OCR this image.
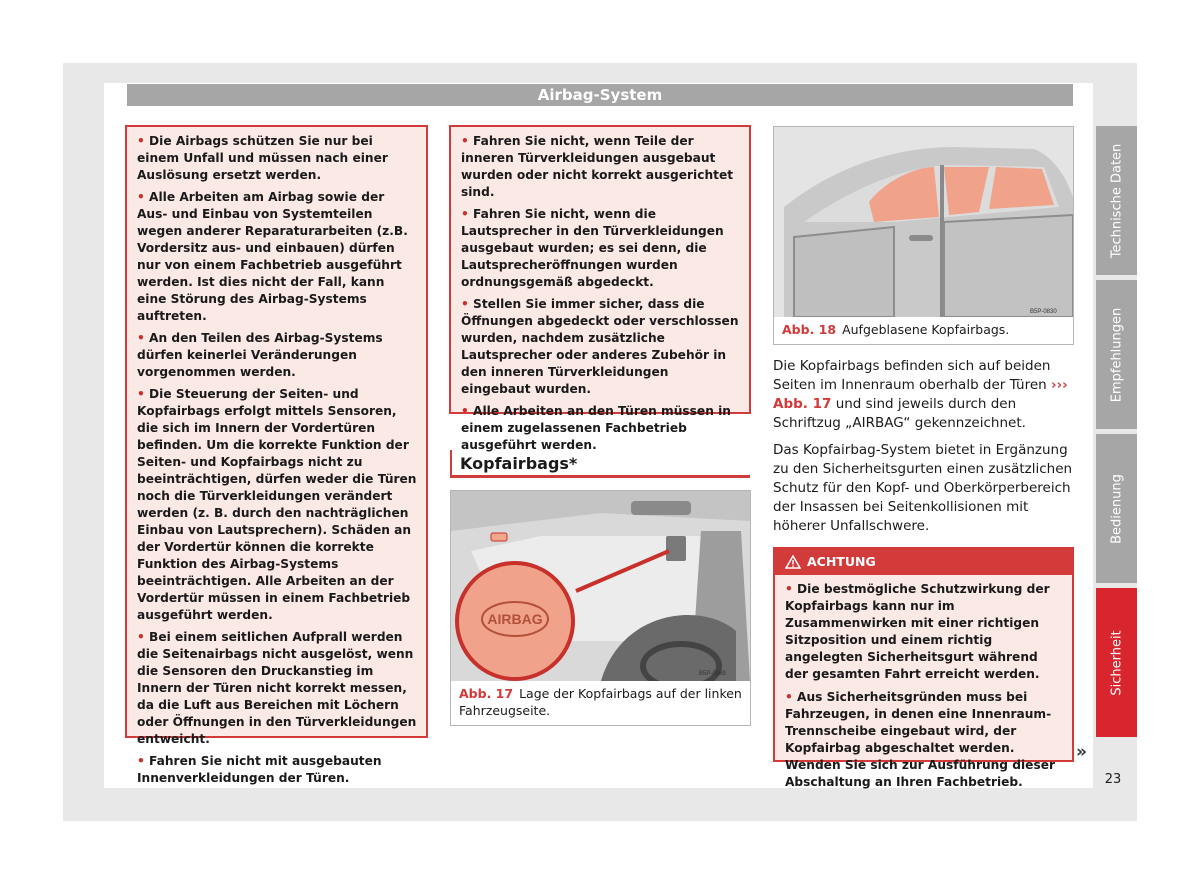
Airbag-System

• Die Airbags schützen Sie nur bei einem Unfall und müssen nach einer Auslösung ersetzt werden.

• Alle Arbeiten am Airbag sowie der Aus- und Einbau von Systemteilen wegen anderer Reparaturarbeiten (z.B. Vordersitz aus- und einbauen) dürfen nur von einem Fachbetrieb ausgeführt werden. Ist dies nicht der Fall, kann eine Störung des Airbag-Systems auftreten.

• An den Teilen des Airbag-Systems dürfen keinerlei Veränderungen vorgenommen werden.

• Die Steuerung der Seiten- und Kopfairbags erfolgt mittels Sensoren, die sich im Innern der Vordertüren befinden. Um die korrekte Funktion der Seiten- und Kopfairbags nicht zu beeinträchtigen, dürfen weder die Türen noch die Türverkleidungen verändert werden (z. B. durch den nachträglichen Einbau von Lautsprechern). Schäden an der Vordertür können die korrekte Funktion des Airbag-Systems beeinträchtigen. Alle Arbeiten an der Vordertür müssen in einem Fachbetrieb ausgeführt werden.

• Bei einem seitlichen Aufprall werden die Seitenairbags nicht ausgelöst, wenn die Sensoren den Druckanstieg im Innern der Türen nicht korrekt messen, da die Luft aus Bereichen mit Löchern oder Öffnungen in den Türverkleidungen entweicht.

• Fahren Sie nicht mit ausgebauten Innenverkleidungen der Türen.

• Fahren Sie nicht, wenn Teile der inneren Türverkleidungen ausgebaut wurden oder nicht korrekt ausgerichtet sind.

• Fahren Sie nicht, wenn die Lautsprecher in den Türverkleidungen ausgebaut wurden; es sei denn, die Lautsprecheröffnungen wurden ordnungsgemäß abgedeckt.

• Stellen Sie immer sicher, dass die Öffnungen abgedeckt oder verschlossen wurden, nachdem zusätzliche Lautsprecher oder anderes Zubehör in den inneren Türverkleidungen eingebaut wurden.

• Alle Arbeiten an den Türen müssen in einem zugelassenen Fachbetrieb ausgeführt werden.

Kopfairbags*
AIRBAG
B5P-0969
Abb. 17 Lage der Kopfairbags auf der linken Fahrzeugseite.
B5P-0830
Abb. 18 Aufgeblasene Kopfairbags.

Die Kopfairbags befinden sich auf beiden Seiten im Innenraum oberhalb der Türen ››› Abb. 17 und sind jeweils durch den Schriftzug „AIRBAG“ gekennzeichnet.

Das Kopfairbag-System bietet in Ergänzung zu den Sicherheitsgurten einen zusätzlichen Schutz für den Kopf- und Oberkörperbereich der Insassen bei Seitenkollisionen mit höherer Unfallschwere.

ACHTUNG

• Die bestmögliche Schutzwirkung der Kopfairbags kann nur im Zusammenwirken mit einer richtigen Sitzposition und einem richtig angelegten Sicherheitsgurt während der gesamten Fahrt erreicht werden.

• Aus Sicherheitsgründen muss bei Fahrzeugen, in denen eine Innenraum-Trennscheibe eingebaut wird, der Kopfairbag abgeschaltet werden. Wenden Sie sich zur Ausführung dieser Abschaltung an Ihren Fachbetrieb.

»
Technische Daten
Empfehlungen
Bedienung
Sicherheit
23
